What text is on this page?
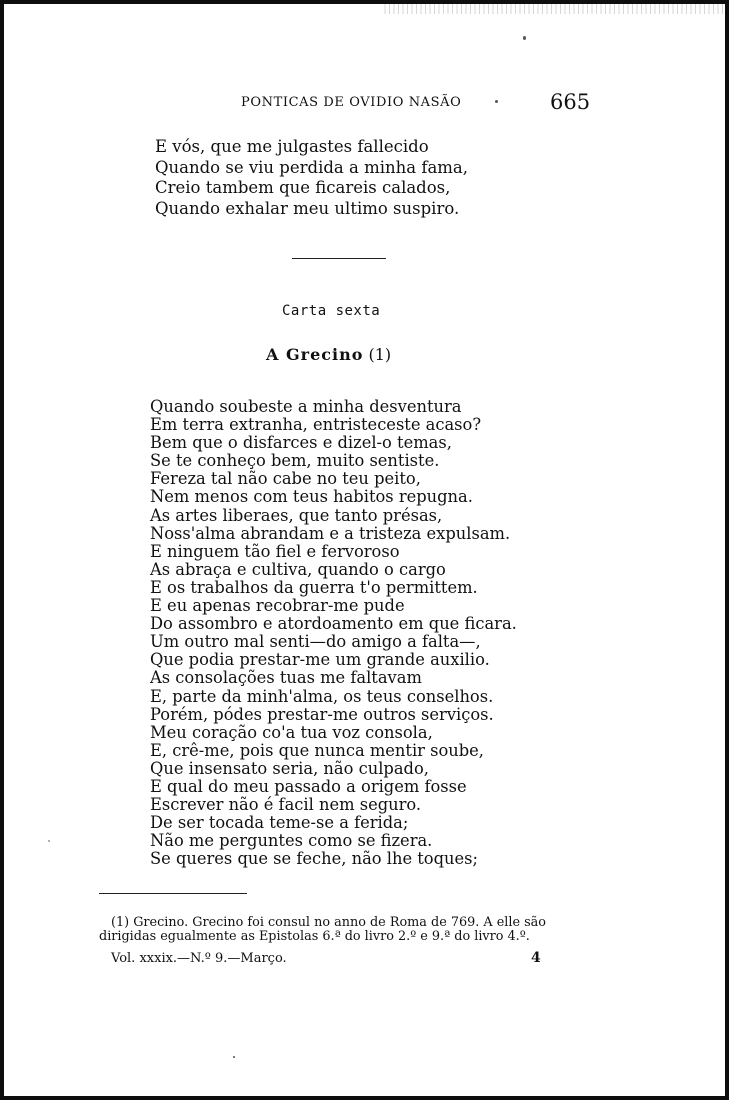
PONTICAS DE OVIDIO NASÃO	665
E vós, que me julgastes fallecido
Quando se viu perdida a minha fama,
Creio tambem que ficareis calados,
Quando exhalar meu ultimo suspiro.
Carta sexta
A Grecino (1)
Quando soubeste a minha desventura
Em terra extranha, entristeceste acaso?
Bem que o disfarces e dizel-o temas,
Se te conheço bem, muito sentiste.
Fereza tal não cabe no teu peito,
Nem menos com teus habitos repugna.
As artes liberaes, que tanto présas,
Noss'alma abrandam e a tristeza expulsam.
E ninguem tão fiel e fervoroso
As abraça e cultiva, quando o cargo
E os trabalhos da guerra t'o permittem.
E eu apenas recobrar-me pude
Do assombro e atordoamento em que ficara.
Um outro mal senti—do amigo a falta—,
Que podia prestar-me um grande auxilio.
As consolações tuas me faltavam
E, parte da minh'alma, os teus conselhos.
Porém, pódes prestar-me outros serviços.
Meu coração co'a tua voz consola,
E, crê-me, pois que nunca mentir soube,
Que insensato seria, não culpado,
E qual do meu passado a origem fosse
Escrever não é facil nem seguro.
De ser tocada teme-se a ferida;
Não me perguntes como se fizera.
Se queres que se feche, não lhe toques;
(1) Grecino. Grecino foi consul no anno de Roma de 769. A elle são
dirigidas egualmente as Epistolas 6.ª do livro 2.º e 9.ª do livro 4.º.
Vol. xxxix.—N.º 9.—Março.	4
